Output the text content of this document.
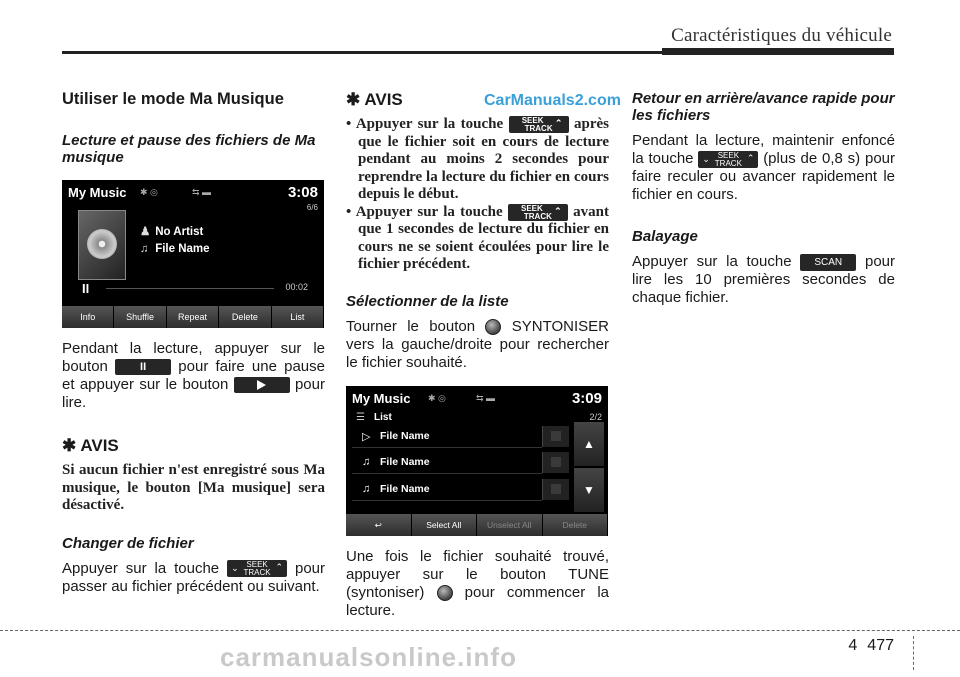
Caractéristiques du véhicule
CarManuals2.com
Utiliser le mode Ma Musique
Lecture et pause des fichiers de Ma musique
My Music ✱ ◎	⇆ ▬	3:08
6/6
♟ No Artist
♫ File Name
II	00:02
Info	Shuffle	Repeat	Delete	List

Pendant la lecture, appuyer sur le bouton	II pour faire une pause et appuyer sur le bouton	pour lire.

✱ AVIS

Si aucun fichier n'est enregistré sous Ma musique, le bouton [Ma musique] sera désactivé.

Changer de fichier

Appuyer sur la touche ⌄ SEEK
TRACK
⌃ pour passer au fichier précédent ou suivant.

✱ AVIS

• Appuyer sur la touche ⌄	SEEK
TRACK
⌃ après que le fichier soit en cours de lecture pendant au moins 2 secondes pour reprendre la lecture du fichier en cours depuis le début.

• Appuyer sur la touche ⌄	SEEK
TRACK
⌃ avant que 1 secondes de lecture du fichier en cours ne se soient écoulées pour lire le fichier précédent.

Sélectionner de la liste

Tourner le bouton SYNTONISER vers la gauche/droite pour rechercher le fichier souhaité.

My Music ✱ ◎	⇆ ▬	3:09
☰ List	2/2
▷ File Name
♫ File Name
♫ File Name
▲
▼
↩	Select All	Unselect All	Delete

Une fois le fichier souhaité trouvé, appuyer sur le bouton TUNE (syntoniser)	pour commencer la lecture.

Retour en arrière/avance rapide pour les fichiers

Pendant la lecture, maintenir enfoncé la touche ⌄ SEEK
TRACK
⌃ (plus de 0,8 s) pour faire reculer ou avancer rapidement le fichier en cours.

Balayage

Appuyer sur la touche SCAN pour lire les 10 premières secondes de chaque fichier.

4 477
carmanualsonline.info
